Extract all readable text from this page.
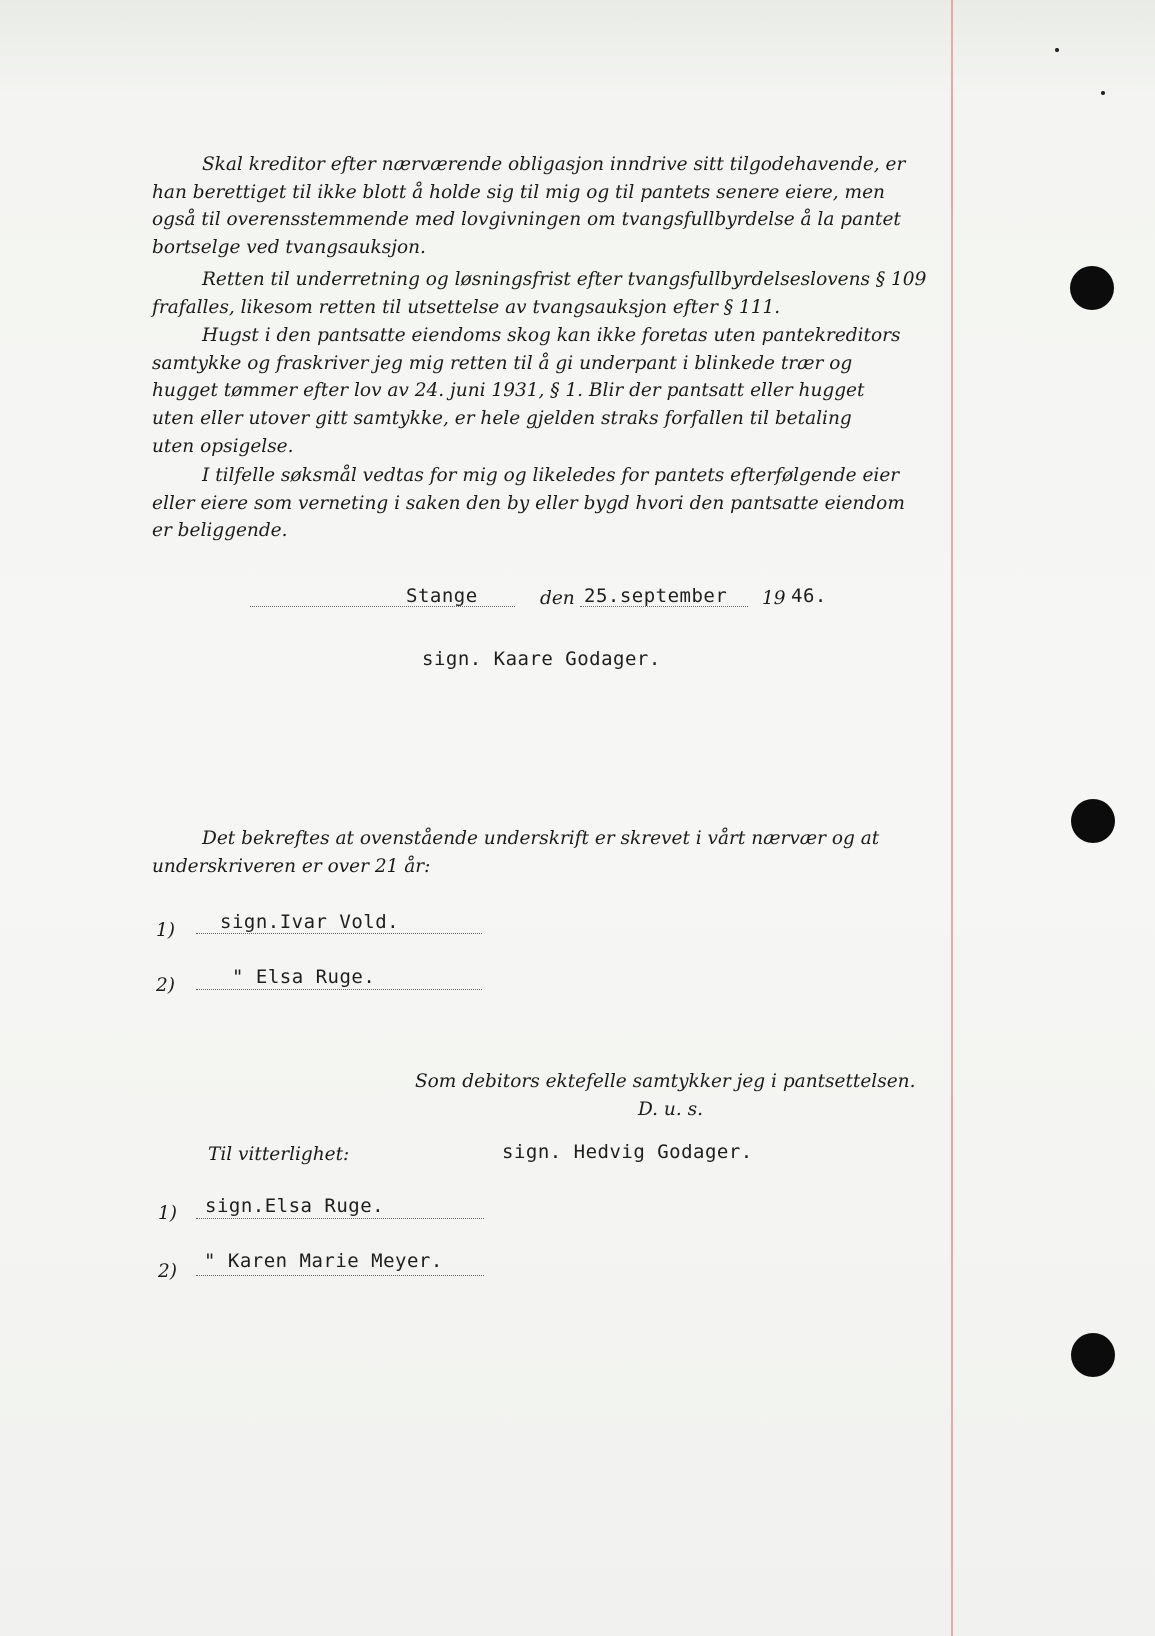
Skal kreditor efter nærværende obligasjon inndrive sitt tilgodehavende, er
han berettiget til ikke blott å holde sig til mig og til pantets senere eiere, men
også til overensstemmende med lovgivningen om tvangsfullbyrdelse å la pantet
bortselge ved tvangsauksjon.
Retten til underretning og løsningsfrist efter tvangsfullbyrdelseslovens § 109
frafalles, likesom retten til utsettelse av tvangsauksjon efter § 111.
Hugst i den pantsatte eiendoms skog kan ikke foretas uten pantekreditors
samtykke og fraskriver jeg mig retten til å gi underpant i blinkede trær og
hugget tømmer efter lov av 24. juni 1931, § 1. Blir der pantsatt eller hugget
uten eller utover gitt samtykke, er hele gjelden straks forfallen til betaling
uten opsigelse.
I tilfelle søksmål vedtas for mig og likeledes for pantets efterfølgende eier
eller eiere som verneting i saken den by eller bygd hvori den pantsatte eiendom
er beliggende.
Stange	den 25.september 19 46.
sign. Kaare Godager.
Det bekreftes at ovenstående underskrift er skrevet i vårt nærvær og at
underskriveren er over 21 år:
1) sign.Ivar Vold.
2)	" Elsa Ruge.
Som debitors ektefelle samtykker jeg i pantsettelsen.
D. u. s.
Til vitterlighet:	sign. Hedvig Godager.
1) sign.Elsa Ruge.
2) " Karen Marie Meyer.
